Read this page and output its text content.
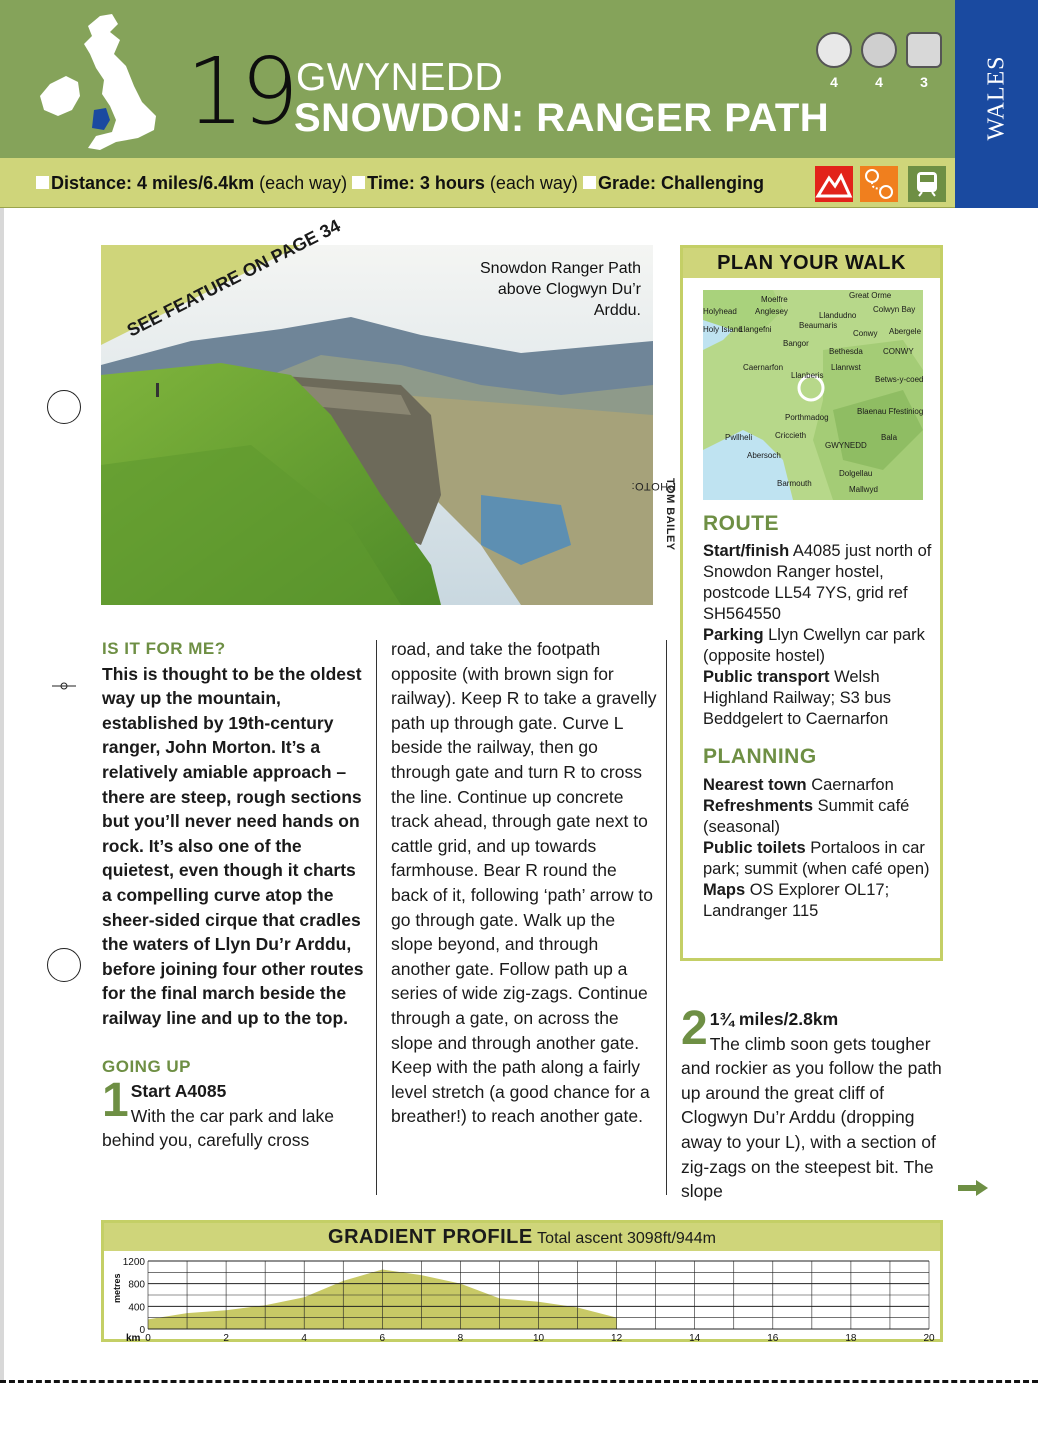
19 GWYNEDD
SNOWDON: RANGER PATH
4	4	3	WALES
Distance: 4 miles/6.4km (each way) Time: 3 hours (each way) Grade: Challenging
Snowdon Ranger Path above Clogwyn Du’r Arddu.
SEE FEATURE ON PAGE 34
PHOTO:
TOM BAILEY
IS IT FOR ME?
This is thought to be the oldest way up the mountain, established by 19th-century ranger, John Morton. It’s a relatively amiable approach – there are steep, rough sections but you’ll never need hands on rock. It’s also one of the quietest, even though it charts a compelling curve atop the sheer-sided cirque that cradles the waters of Llyn Du’r Arddu, before joining four other routes for the final march beside the railway line and up to the top.
GOING UP
1 Start A4085
With the car park and lake behind you, carefully cross
road, and take the footpath opposite (with brown sign for railway). Keep R to take a gravelly path up through gate. Curve L beside the railway, then go through gate and turn R to cross the line. Continue up concrete track ahead, through gate next to cattle grid, and up towards farmhouse. Bear R round the back of it, following ‘path’ arrow to go through gate. Walk up the slope beyond, and through another gate. Follow path up a series of wide zig-zags. Continue through a gate, on across the slope and through another gate. Keep with the path along a fairly level stretch (a good chance for a breather!) to reach another gate.
PLAN YOUR WALK
Moelfre	Great Orme
Colwyn Bay
Llandudno
Anglesey
Beaumaris
Conwy Abergele
Holyhead
Holy Island
Llangefni
Bangor
Bethesda	CONWY
Caernarfon	Llanrwst
Llanberis	Betws-y-coed
Blaenau Ffestiniog
Porthmadog
Pwllheli	Criccieth
GWYNEDD
Bala
Abersoch
Dolgellau
Barmouth
Mallwyd
ROUTE
Start/finish A4085 just north of Snowdon Ranger hostel, postcode LL54 7YS, grid ref SH564550
Parking Llyn Cwellyn car park (opposite hostel)
Public transport Welsh Highland Railway; S3 bus Beddgelert to Caernarfon
PLANNING
Nearest town Caernarfon
Refreshments Summit café (seasonal)
Public toilets Portaloos in car park; summit (when café open)
Maps OS Explorer OL17; Landranger 115
2 1¾ miles/2.8km
The climb soon gets tougher and rockier as you follow the path up around the great cliff of Clogwyn Du’r Arddu (dropping away to your L), with a section of zig-zags on the steepest bit. The slope
GRADIENT PROFILE Total ascent 3098ft/944m
0
400
800
1200
0	2	4	6	8	10	12	14	16	18	20
metres
km
